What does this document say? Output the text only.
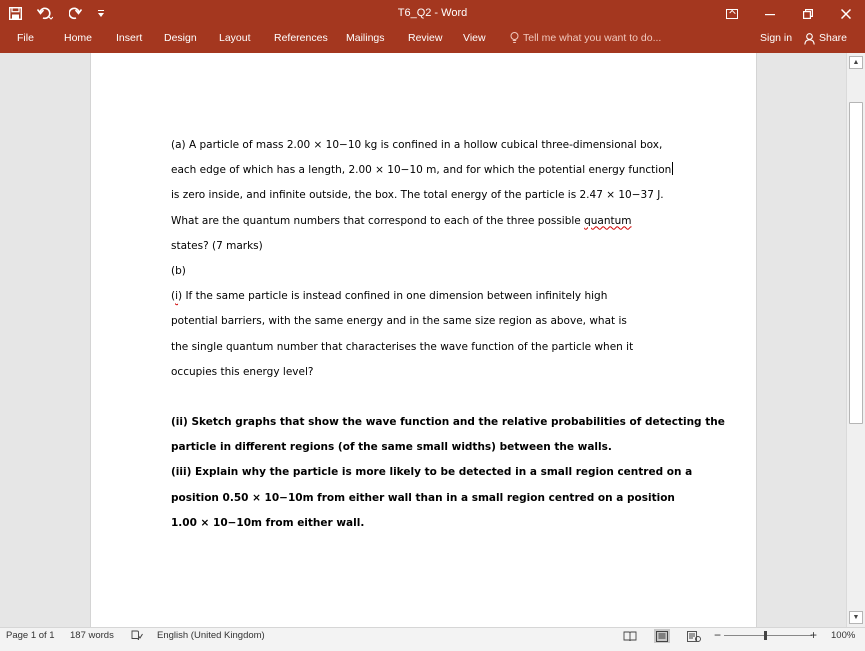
T6_Q2 - Word
File	Home Insert Design Layout References Mailings Review View	Tell me what you want to do...	Sign in	Share
(a) A particle of mass 2.00 × 10−10 kg is confined in a hollow cubical three-dimensional box,
each edge of which has a length, 2.00 × 10−10 m, and for which the potential energy function
is zero inside, and infinite outside, the box. The total energy of the particle is 2.47 × 10−37 J.
What are the quantum numbers that correspond to each of the three possible quantum
states? (7 marks)
(b)
(i) If the same particle is instead confined in one dimension between infinitely high
potential barriers, with the same energy and in the same size region as above, what is
the single quantum number that characterises the wave function of the particle when it
occupies this energy level?
(ii) Sketch graphs that show the wave function and the relative probabilities of detecting the
particle in different regions (of the same small widths) between the walls.
(iii) Explain why the particle is more likely to be detected in a small region centred on a
position 0.50 × 10−10m from either wall than in a small region centred on a position
1.00 × 10−10m from either wall.
▲
▼
Page 1 of 1 187 words	English (United Kingdom)	−	+ 100%
